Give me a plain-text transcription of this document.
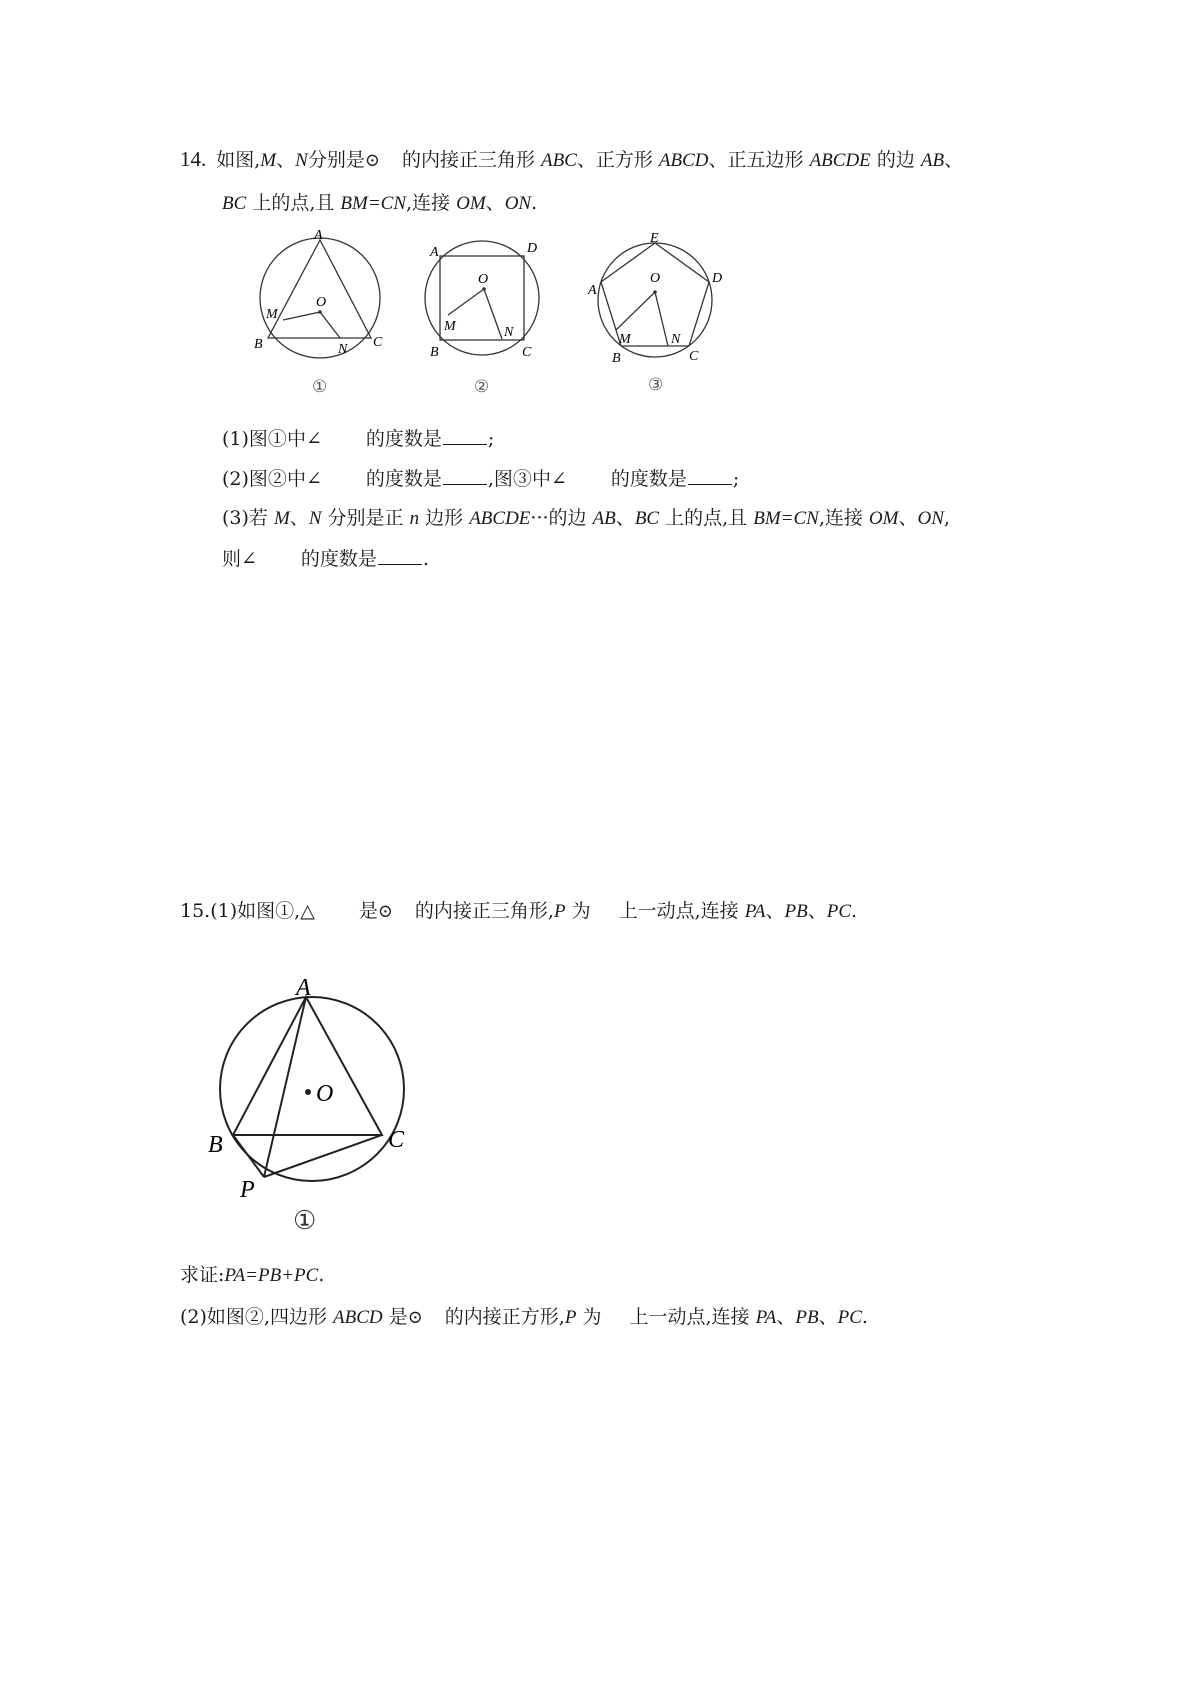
14. 如图,M、N分别是⊙ 的内接正三角形 ABC、正方形 ABCD、正五边形 ABCDE 的边 AB、
BC 上的点,且 BM=CN,连接 OM、ON.
A
O
M
B	N C
①
A	D
O
M
B
N
C
②
E
A
D
O
M	N
B	C
③
(1)图①中∠ 的度数是 ;
(2)图②中∠ 的度数是 ,图③中∠ 的度数是 ;
(3)若 M、N 分别是正 n 边形 ABCDE···的边 AB、BC 上的点,且 BM=CN,连接 OM、ON,
则∠ 的度数是 .
15.(1)如图①,△ 是⊙ 的内接正三角形,P 为 上一动点,连接 PA、PB、PC.
A
O
B	C
P
①
求证:PA=PB+PC.
(2)如图②,四边形 ABCD 是⊙ 的内接正方形,P 为 上一动点,连接 PA、PB、PC.
